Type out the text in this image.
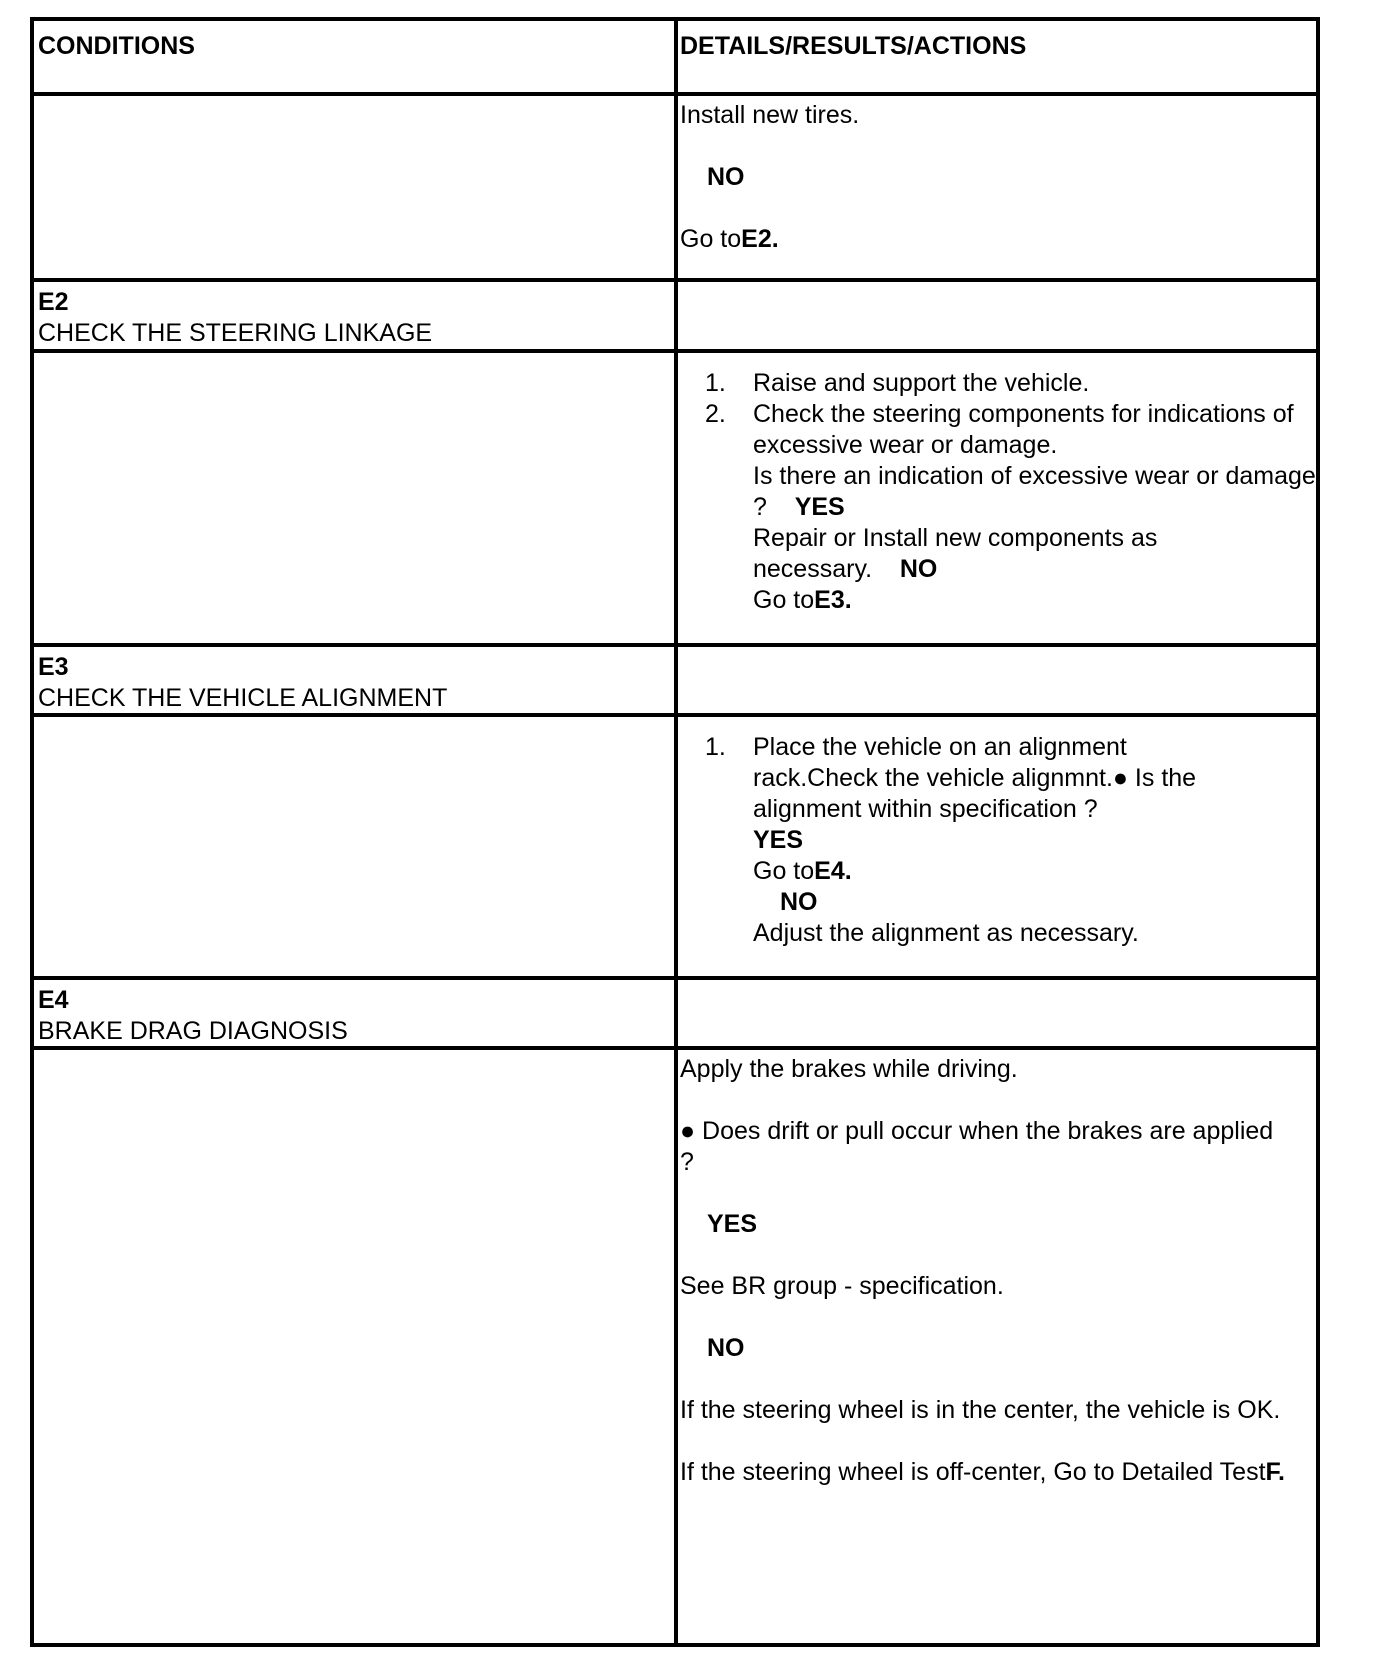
CONDITIONS	DETAILS/RESULTS/ACTIONS

Install new tires.

NO

Go toE2.

E2

CHECK THE STEERING LINKAGE

1. Raise and support the vehicle.
2. Check the steering components for indications of excessive wear or damage.
Is there an indication of excessive wear or damage ? YES
Repair or Install new components as necessary. NO
Go toE3.

E3

CHECK THE VEHICLE ALIGNMENT

1. Place the vehicle on an alignment rack.Check the vehicle alignmnt.● Is the alignment within specification ?
YES
Go toE4.
NO
Adjust the alignment as necessary.

E4

BRAKE DRAG DIAGNOSIS

Apply the brakes while driving.

● Does drift or pull occur when the brakes are applied ?

YES

See BR group - specification.

NO

If the steering wheel is in the center, the vehicle is OK.

If the steering wheel is off-center, Go to Detailed TestF.
